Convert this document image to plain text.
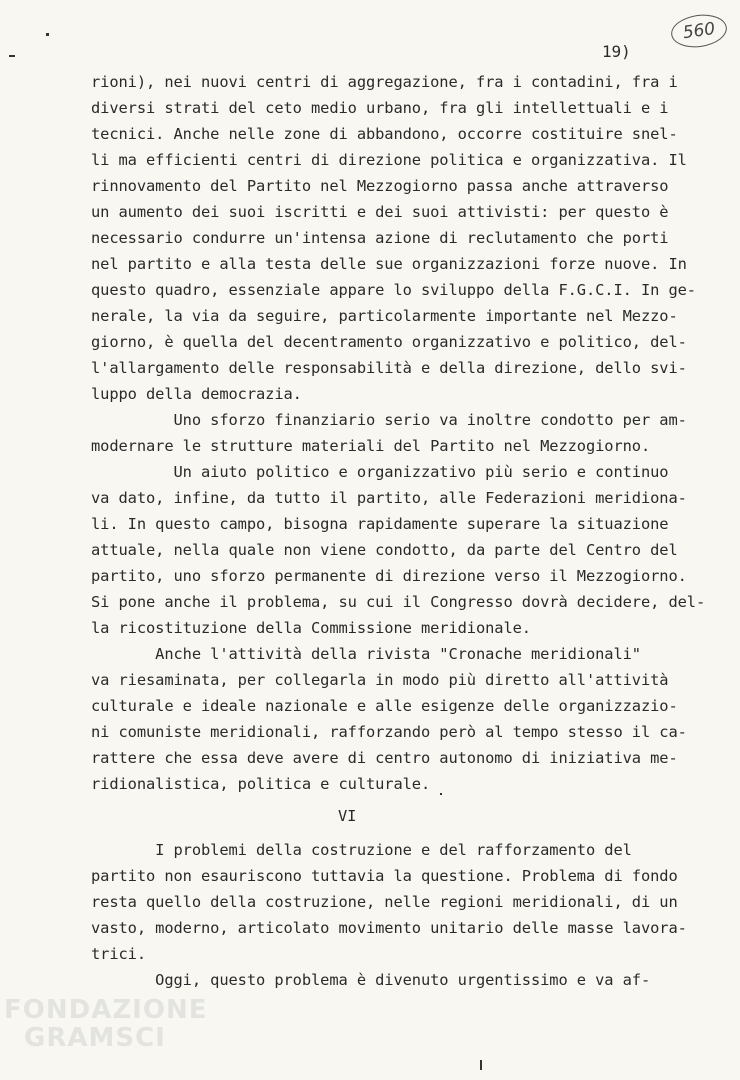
560
19)
rioni), nei nuovi centri di aggregazione, fra i contadini, fra i
diversi strati del ceto medio urbano, fra gli intellettuali e i
tecnici. Anche nelle zone di abbandono, occorre costituire snel-
li ma efficienti centri di direzione politica e organizzativa. Il
rinnovamento del Partito nel Mezzogiorno passa anche attraverso
un aumento dei suoi iscritti e dei suoi attivisti: per questo è
necessario condurre un'intensa azione di reclutamento che porti
nel partito e alla testa delle sue organizzazioni forze nuove. In
questo quadro, essenziale appare lo sviluppo della F.G.C.I. In ge-
nerale, la via da seguire, particolarmente importante nel Mezzo-
giorno, è quella del decentramento organizzativo e politico, del-
l'allargamento delle responsabilità e della direzione, dello svi-
luppo della democrazia.
Uno sforzo finanziario serio va inoltre condotto per am-
modernare le strutture materiali del Partito nel Mezzogiorno.
Un aiuto politico e organizzativo più serio e continuo
va dato, infine, da tutto il partito, alle Federazioni meridiona-
li. In questo campo, bisogna rapidamente superare la situazione
attuale, nella quale non viene condotto, da parte del Centro del
partito, uno sforzo permanente di direzione verso il Mezzogiorno.
Si pone anche il problema, su cui il Congresso dovrà decidere, del-
la ricostituzione della Commissione meridionale.
Anche l'attività della rivista "Cronache meridionali"
va riesaminata, per collegarla in modo più diretto all'attività
culturale e ideale nazionale e alle esigenze delle organizzazio-
ni comuniste meridionali, rafforzando però al tempo stesso il ca-
rattere che essa deve avere di centro autonomo di iniziativa me-
ridionalistica, politica e culturale.
VI
I problemi della costruzione e del rafforzamento del
partito non esauriscono tuttavia la questione. Problema di fondo
resta quello della costruzione, nelle regioni meridionali, di un
vasto, moderno, articolato movimento unitario delle masse lavora-
trici.
Oggi, questo problema è divenuto urgentissimo e va af-
FONDAZIONE
GRAMSCI
